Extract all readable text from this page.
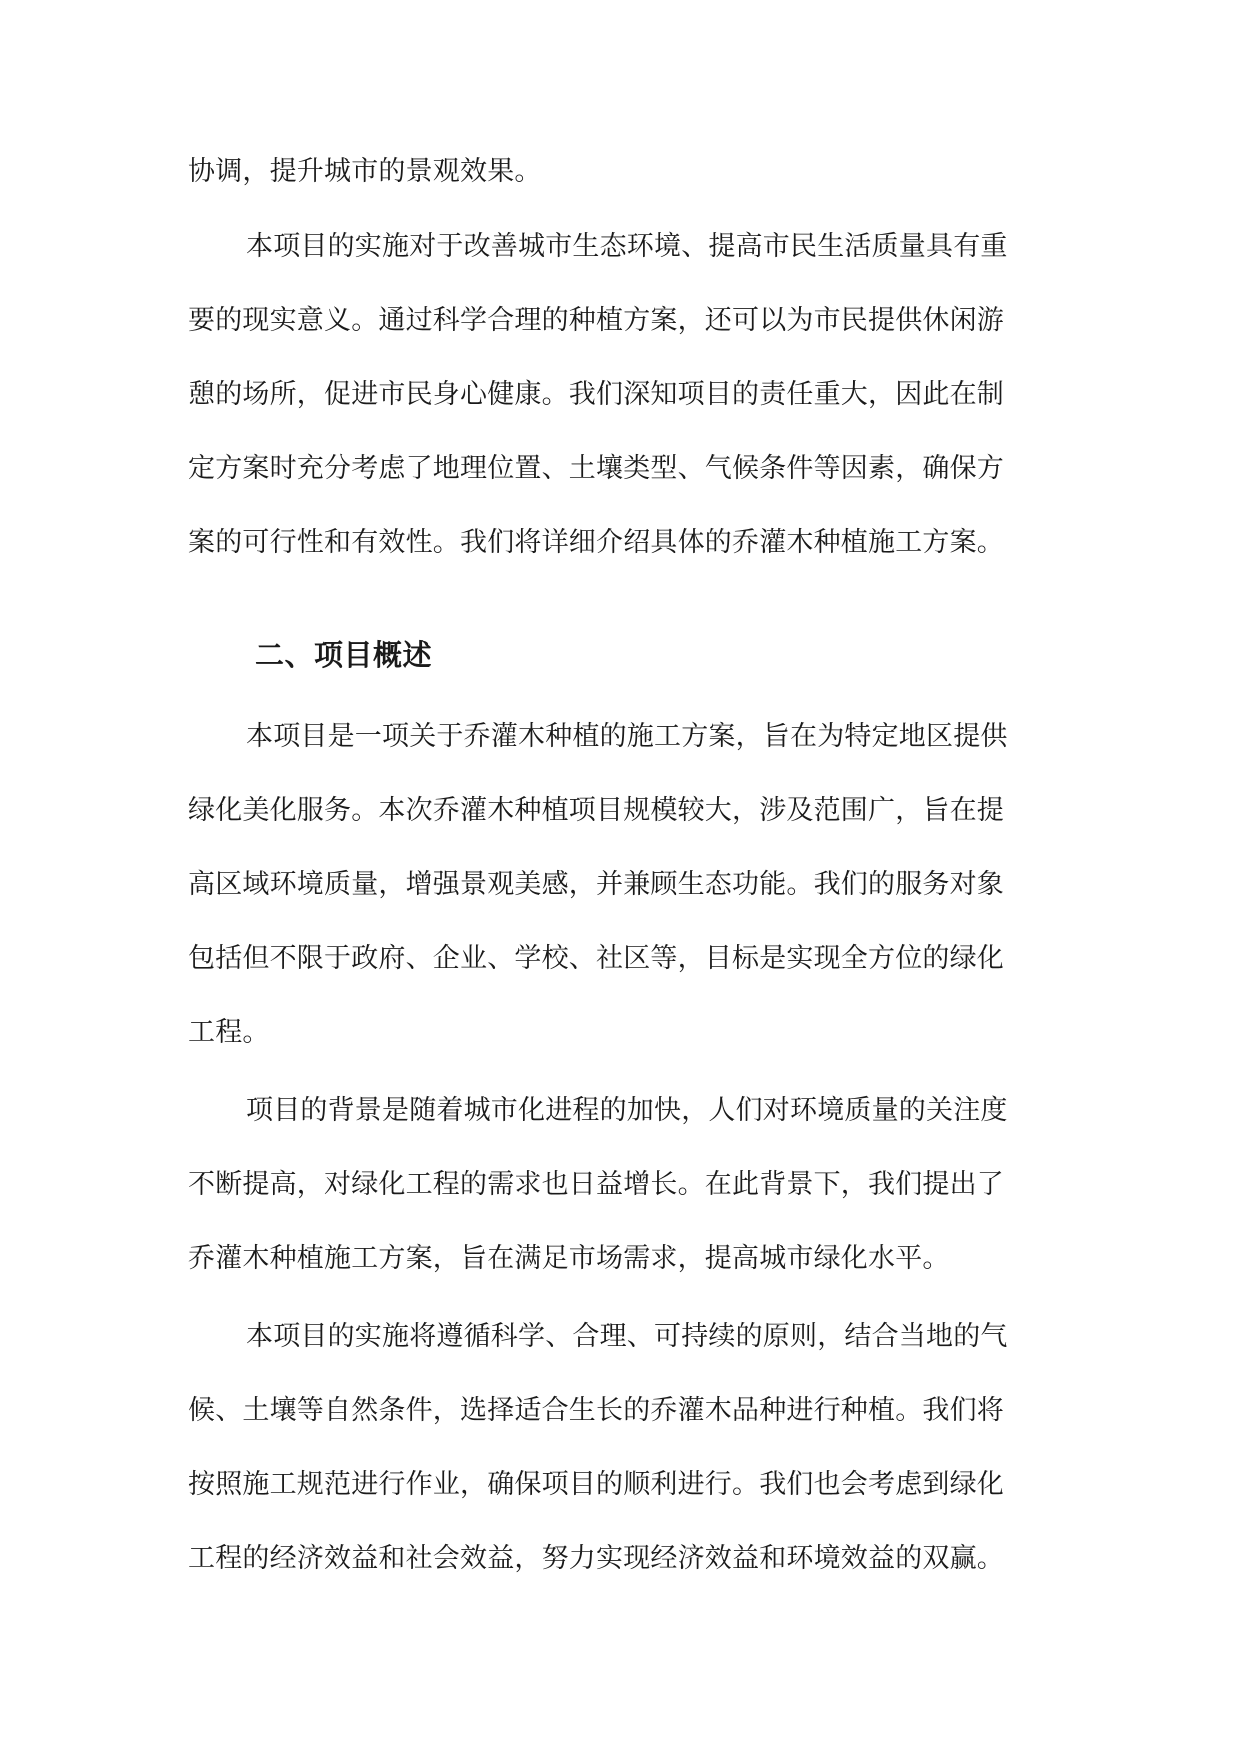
协调，提升城市的景观效果。

本项目的实施对于改善城市生态环境、提高市民生活质量具有重

要的现实意义。通过科学合理的种植方案，还可以为市民提供休闲游

憩的场所，促进市民身心健康。我们深知项目的责任重大，因此在制

定方案时充分考虑了地理位置、土壤类型、气候条件等因素，确保方

案的可行性和有效性。我们将详细介绍具体的乔灌木种植施工方案。

二、项目概述

本项目是一项关于乔灌木种植的施工方案，旨在为特定地区提供

绿化美化服务。本次乔灌木种植项目规模较大，涉及范围广，旨在提

高区域环境质量，增强景观美感，并兼顾生态功能。我们的服务对象

包括但不限于政府、企业、学校、社区等，目标是实现全方位的绿化

工程。

项目的背景是随着城市化进程的加快，人们对环境质量的关注度

不断提高，对绿化工程的需求也日益增长。在此背景下，我们提出了

乔灌木种植施工方案，旨在满足市场需求，提高城市绿化水平。

本项目的实施将遵循科学、合理、可持续的原则，结合当地的气

候、土壤等自然条件，选择适合生长的乔灌木品种进行种植。我们将

按照施工规范进行作业，确保项目的顺利进行。我们也会考虑到绿化

工程的经济效益和社会效益，努力实现经济效益和环境效益的双赢。
